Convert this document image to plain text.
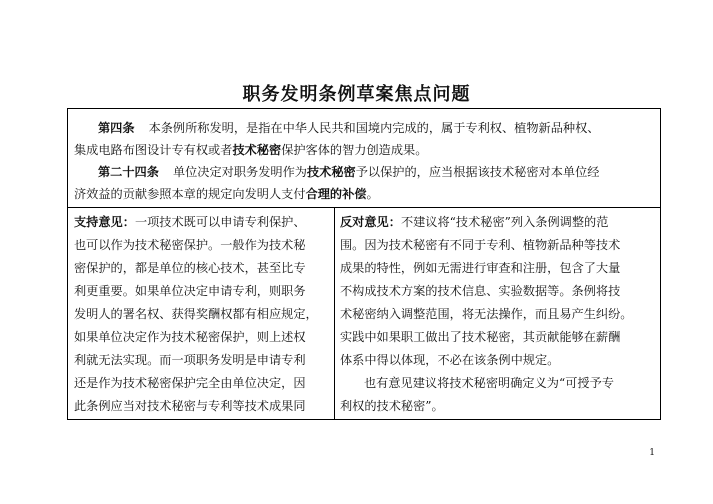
职务发明条例草案焦点问题
第四条 本条例所称发明，是指在中华人民共和国境内完成的，属于专利权、植物新品种权、
集成电路布图设计专有权或者技术秘密保护客体的智力创造成果。
第二十四条 单位决定对职务发明作为技术秘密予以保护的，应当根据该技术秘密对本单位经
济效益的贡献参照本章的规定向发明人支付合理的补偿。
支持意见：一项技术既可以申请专利保护、
也可以作为技术秘密保护。一般作为技术秘
密保护的，都是单位的核心技术，甚至比专
利更重要。如果单位决定申请专利，则职务
发明人的署名权、获得奖酬权都有相应规定，
如果单位决定作为技术秘密保护，则上述权
利就无法实现。而一项职务发明是申请专利
还是作为技术秘密保护完全由单位决定，因
此条例应当对技术秘密与专利等技术成果同
反对意见：不建议将“技术秘密”列入条例调整的范
围。因为技术秘密有不同于专利、植物新品种等技术
成果的特性，例如无需进行审查和注册，包含了大量
不构成技术方案的技术信息、实验数据等。条例将技
术秘密纳入调整范围，将无法操作，而且易产生纠纷。
实践中如果职工做出了技术秘密，其贡献能够在薪酬
体系中得以体现，不必在该条例中规定。
也有意见建议将技术秘密明确定义为“可授予专
利权的技术秘密”。
1
